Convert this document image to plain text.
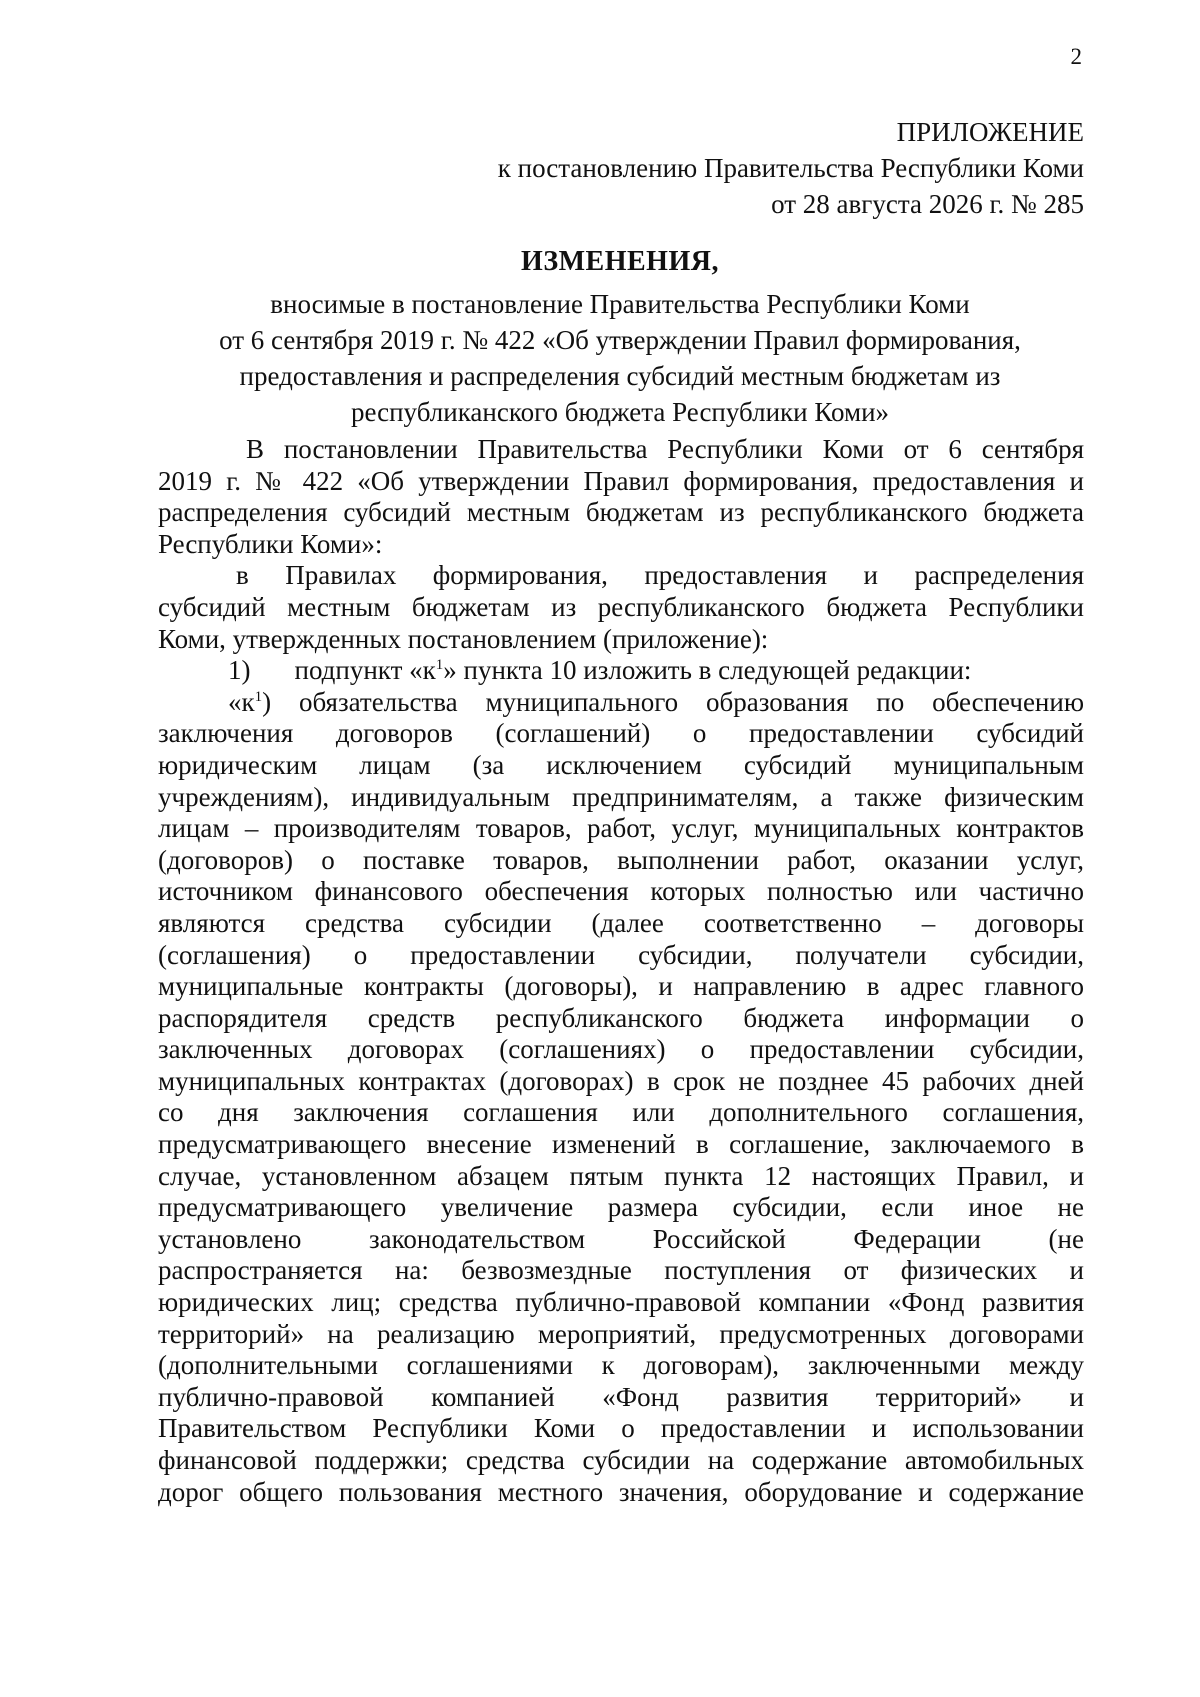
2
ПРИЛОЖЕНИЕ
к постановлению Правительства Республики Коми
от 28 августа 2026 г. № 285
ИЗМЕНЕНИЯ,
вносимые в постановление Правительства Республики Коми
от 6 сентября 2019 г. № 422 «Об утверждении Правил формирования,
предоставления и распределения субсидий местным бюджетам из
республиканского бюджета Республики Коми»
В постановлении Правительства Республики Коми от 6 сентября
2019 г. № 422 «Об утверждении Правил формирования, предоставления и
распределения субсидий местным бюджетам из республиканского бюджета
Республики Коми»:
в Правилах формирования, предоставления и распределения
субсидий местным бюджетам из республиканского бюджета Республики
Коми, утвержденных постановлением (приложение):
1) подпункт «$к^1$» пункта 10 изложить в следующей редакции:
«$к^1$) обязательства муниципального образования по обеспечению
заключения договоров (соглашений) о предоставлении субсидий
юридическим лицам (за исключением субсидий муниципальным
учреждениям), индивидуальным предпринимателям, а также физическим
лицам – производителям товаров, работ, услуг, муниципальных контрактов
(договоров) о поставке товаров, выполнении работ, оказании услуг,
источником финансового обеспечения которых полностью или частично
являются средства субсидии (далее соответственно – договоры
(соглашения) о предоставлении субсидии, получатели субсидии,
муниципальные контракты (договоры), и направлению в адрес главного
распорядителя средств республиканского бюджета информации о
заключенных договорах (соглашениях) о предоставлении субсидии,
муниципальных контрактах (договорах) в срок не позднее 45 рабочих дней
со дня заключения соглашения или дополнительного соглашения,
предусматривающего внесение изменений в соглашение, заключаемого в
случае, установленном абзацем пятым пункта 12 настоящих Правил, и
предусматривающего увеличение размера субсидии, если иное не
установлено законодательством Российской Федерации (не
распространяется на: безвозмездные поступления от физических и
юридических лиц; средства публично-правовой компании «Фонд развития
территорий» на реализацию мероприятий, предусмотренных договорами
(дополнительными соглашениями к договорам), заключенными между
публично-правовой компанией «Фонд развития территорий» и
Правительством Республики Коми о предоставлении и использовании
финансовой поддержки; средства субсидии на содержание автомобильных
дорог общего пользования местного значения, оборудование и содержание
